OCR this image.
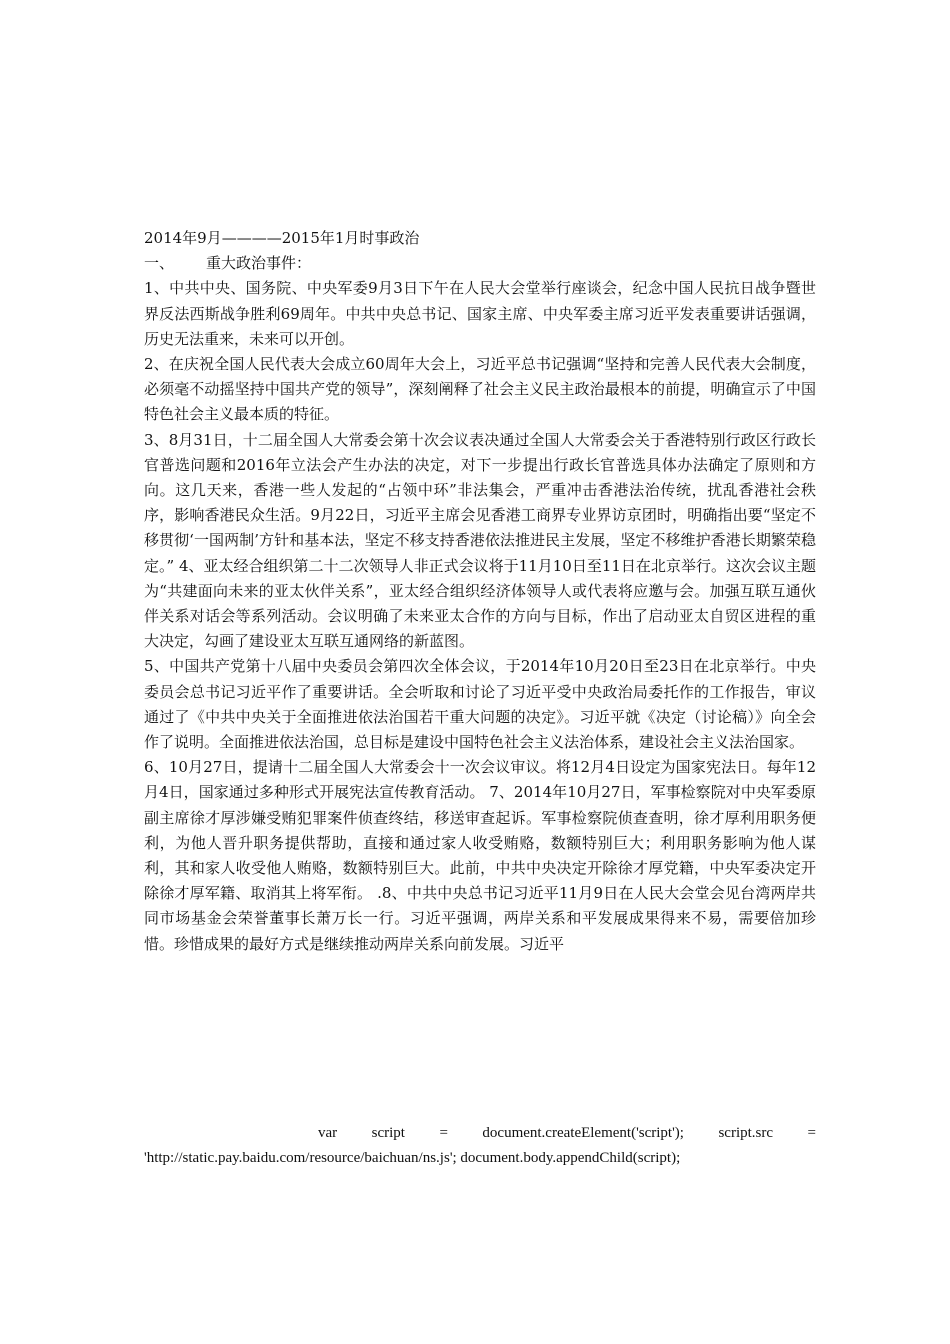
2014年9月————2015年1月时事政治

一、 重大政治事件：

1、中共中央、国务院、中央军委9月3日下午在人民大会堂举行座谈会，纪念中国人民抗日战争暨世界反法西斯战争胜利69周年。中共中央总书记、国家主席、中央军委主席习近平发表重要讲话强调，历史无法重来，未来可以开创。

2、在庆祝全国人民代表大会成立60周年大会上，习近平总书记强调“坚持和完善人民代表大会制度，必须毫不动摇坚持中国共产党的领导”，深刻阐释了社会主义民主政治最根本的前提，明确宣示了中国特色社会主义最本质的特征。

3、8月31日，十二届全国人大常委会第十次会议表决通过全国人大常委会关于香港特别行政区行政长官普选问题和2016年立法会产生办法的决定，对下一步提出行政长官普选具体办法确定了原则和方向。这几天来，香港一些人发起的“占领中环”非法集会，严重冲击香港法治传统，扰乱香港社会秩序，影响香港民众生活。9月22日，习近平主席会见香港工商界专业界访京团时，明确指出要“坚定不移贯彻‘一国两制’方针和基本法，坚定不移支持香港依法推进民主发展，坚定不移维护香港长期繁荣稳定。” 4、亚太经合组织第二十二次领导人非正式会议将于11月10日至11日在北京举行。这次会议主题为“共建面向未来的亚太伙伴关系”，亚太经合组织经济体领导人或代表将应邀与会。加强互联互通伙伴关系对话会等系列活动。会议明确了未来亚太合作的方向与目标，作出了启动亚太自贸区进程的重大决定，勾画了建设亚太互联互通网络的新蓝图。

5、中国共产党第十八届中央委员会第四次全体会议，于2014年10月20日至23日在北京举行。中央委员会总书记习近平作了重要讲话。全会听取和讨论了习近平受中央政治局委托作的工作报告，审议通过了《中共中央关于全面推进依法治国若干重大问题的决定》。习近平就《决定（讨论稿）》向全会作了说明。全面推进依法治国，总目标是建设中国特色社会主义法治体系，建设社会主义法治国家。

6、10月27日，提请十二届全国人大常委会十一次会议审议。将12月4日设定为国家宪法日。每年12月4日，国家通过多种形式开展宪法宣传教育活动。 7、2014年10月27日，军事检察院对中央军委原副主席徐才厚涉嫌受贿犯罪案件侦查终结，移送审查起诉。军事检察院侦查查明，徐才厚利用职务便利，为他人晋升职务提供帮助，直接和通过家人收受贿赂，数额特别巨大；利用职务影响为他人谋利，其和家人收受他人贿赂，数额特别巨大。此前，中共中央决定开除徐才厚党籍，中央军委决定开除徐才厚军籍、取消其上将军衔。 .8、中共中央总书记习近平11月9日在人民大会堂会见台湾两岸共同市场基金会荣誉董事长萧万长一行。习近平强调，两岸关系和平发展成果得来不易，需要倍加珍惜。珍惜成果的最好方式是继续推动两岸关系向前发展。习近平

var script = document.createElement('script'); script.src =
'http://static.pay.baidu.com/resource/baichuan/ns.js'; document.body.appendChild(script);
